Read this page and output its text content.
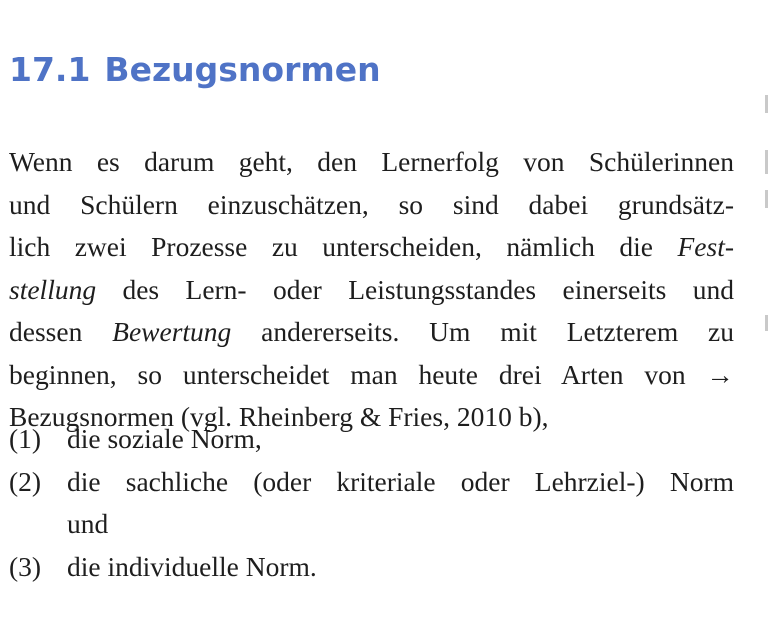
17.1 Bezugsnormen

Wenn es darum geht, den Lernerfolg von Schülerinnen
und Schülern einzuschätzen, so sind dabei grundsätz-
lich zwei Prozesse zu unterscheiden, nämlich die Fest-
stellung des Lern- oder Leistungsstandes einerseits und
dessen Bewertung andererseits. Um mit Letzterem zu
beginnen, so unterscheidet man heute drei Arten von →
Bezugsnormen (vgl. Rheinberg & Fries, 2010 b),

(1) die soziale Norm,
(2) die sachliche (oder kriteriale oder Lehrziel-) Norm
und
(3) die individuelle Norm.
